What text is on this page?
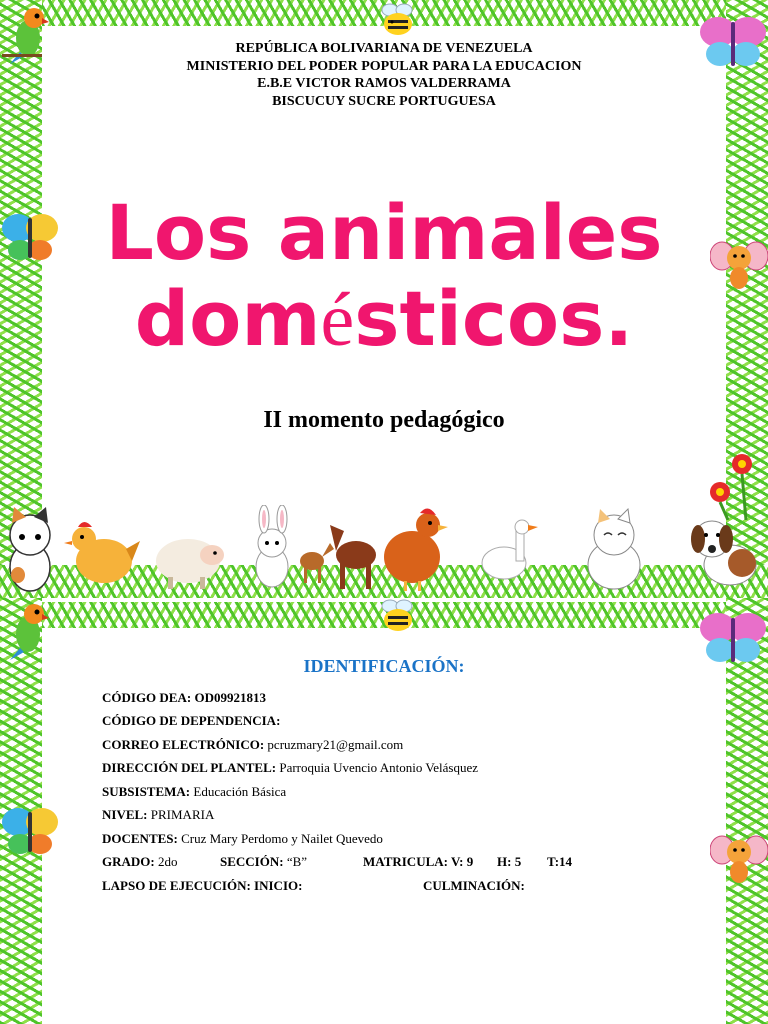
REPÚBLICA BOLIVARIANA DE VENEZUELA
MINISTERIO DEL PODER POPULAR PARA LA EDUCACION
E.B.E VICTOR RAMOS VALDERRAMA
BISCUCUY SUCRE PORTUGUESA
Los animales
domésticos.
II momento pedagógico
IDENTIFICACIÓN:
CÓDIGO DEA: OD09921813
CÓDIGO DE DEPENDENCIA:
CORREO ELECTRÓNICO: pcruzmary21@gmail.com
DIRECCIÓN DEL PLANTEL: Parroquia Uvencio Antonio Velásquez
SUBSISTEMA: Educación Básica
NIVEL: PRIMARIA
DOCENTES: Cruz Mary Perdomo y Nailet Quevedo
GRADO: 2do	SECCIÓN: “B”	MATRICULA: V: 9 H: 5 T:14
LAPSO DE EJECUCIÓN: INICIO:	CULMINACIÓN:
